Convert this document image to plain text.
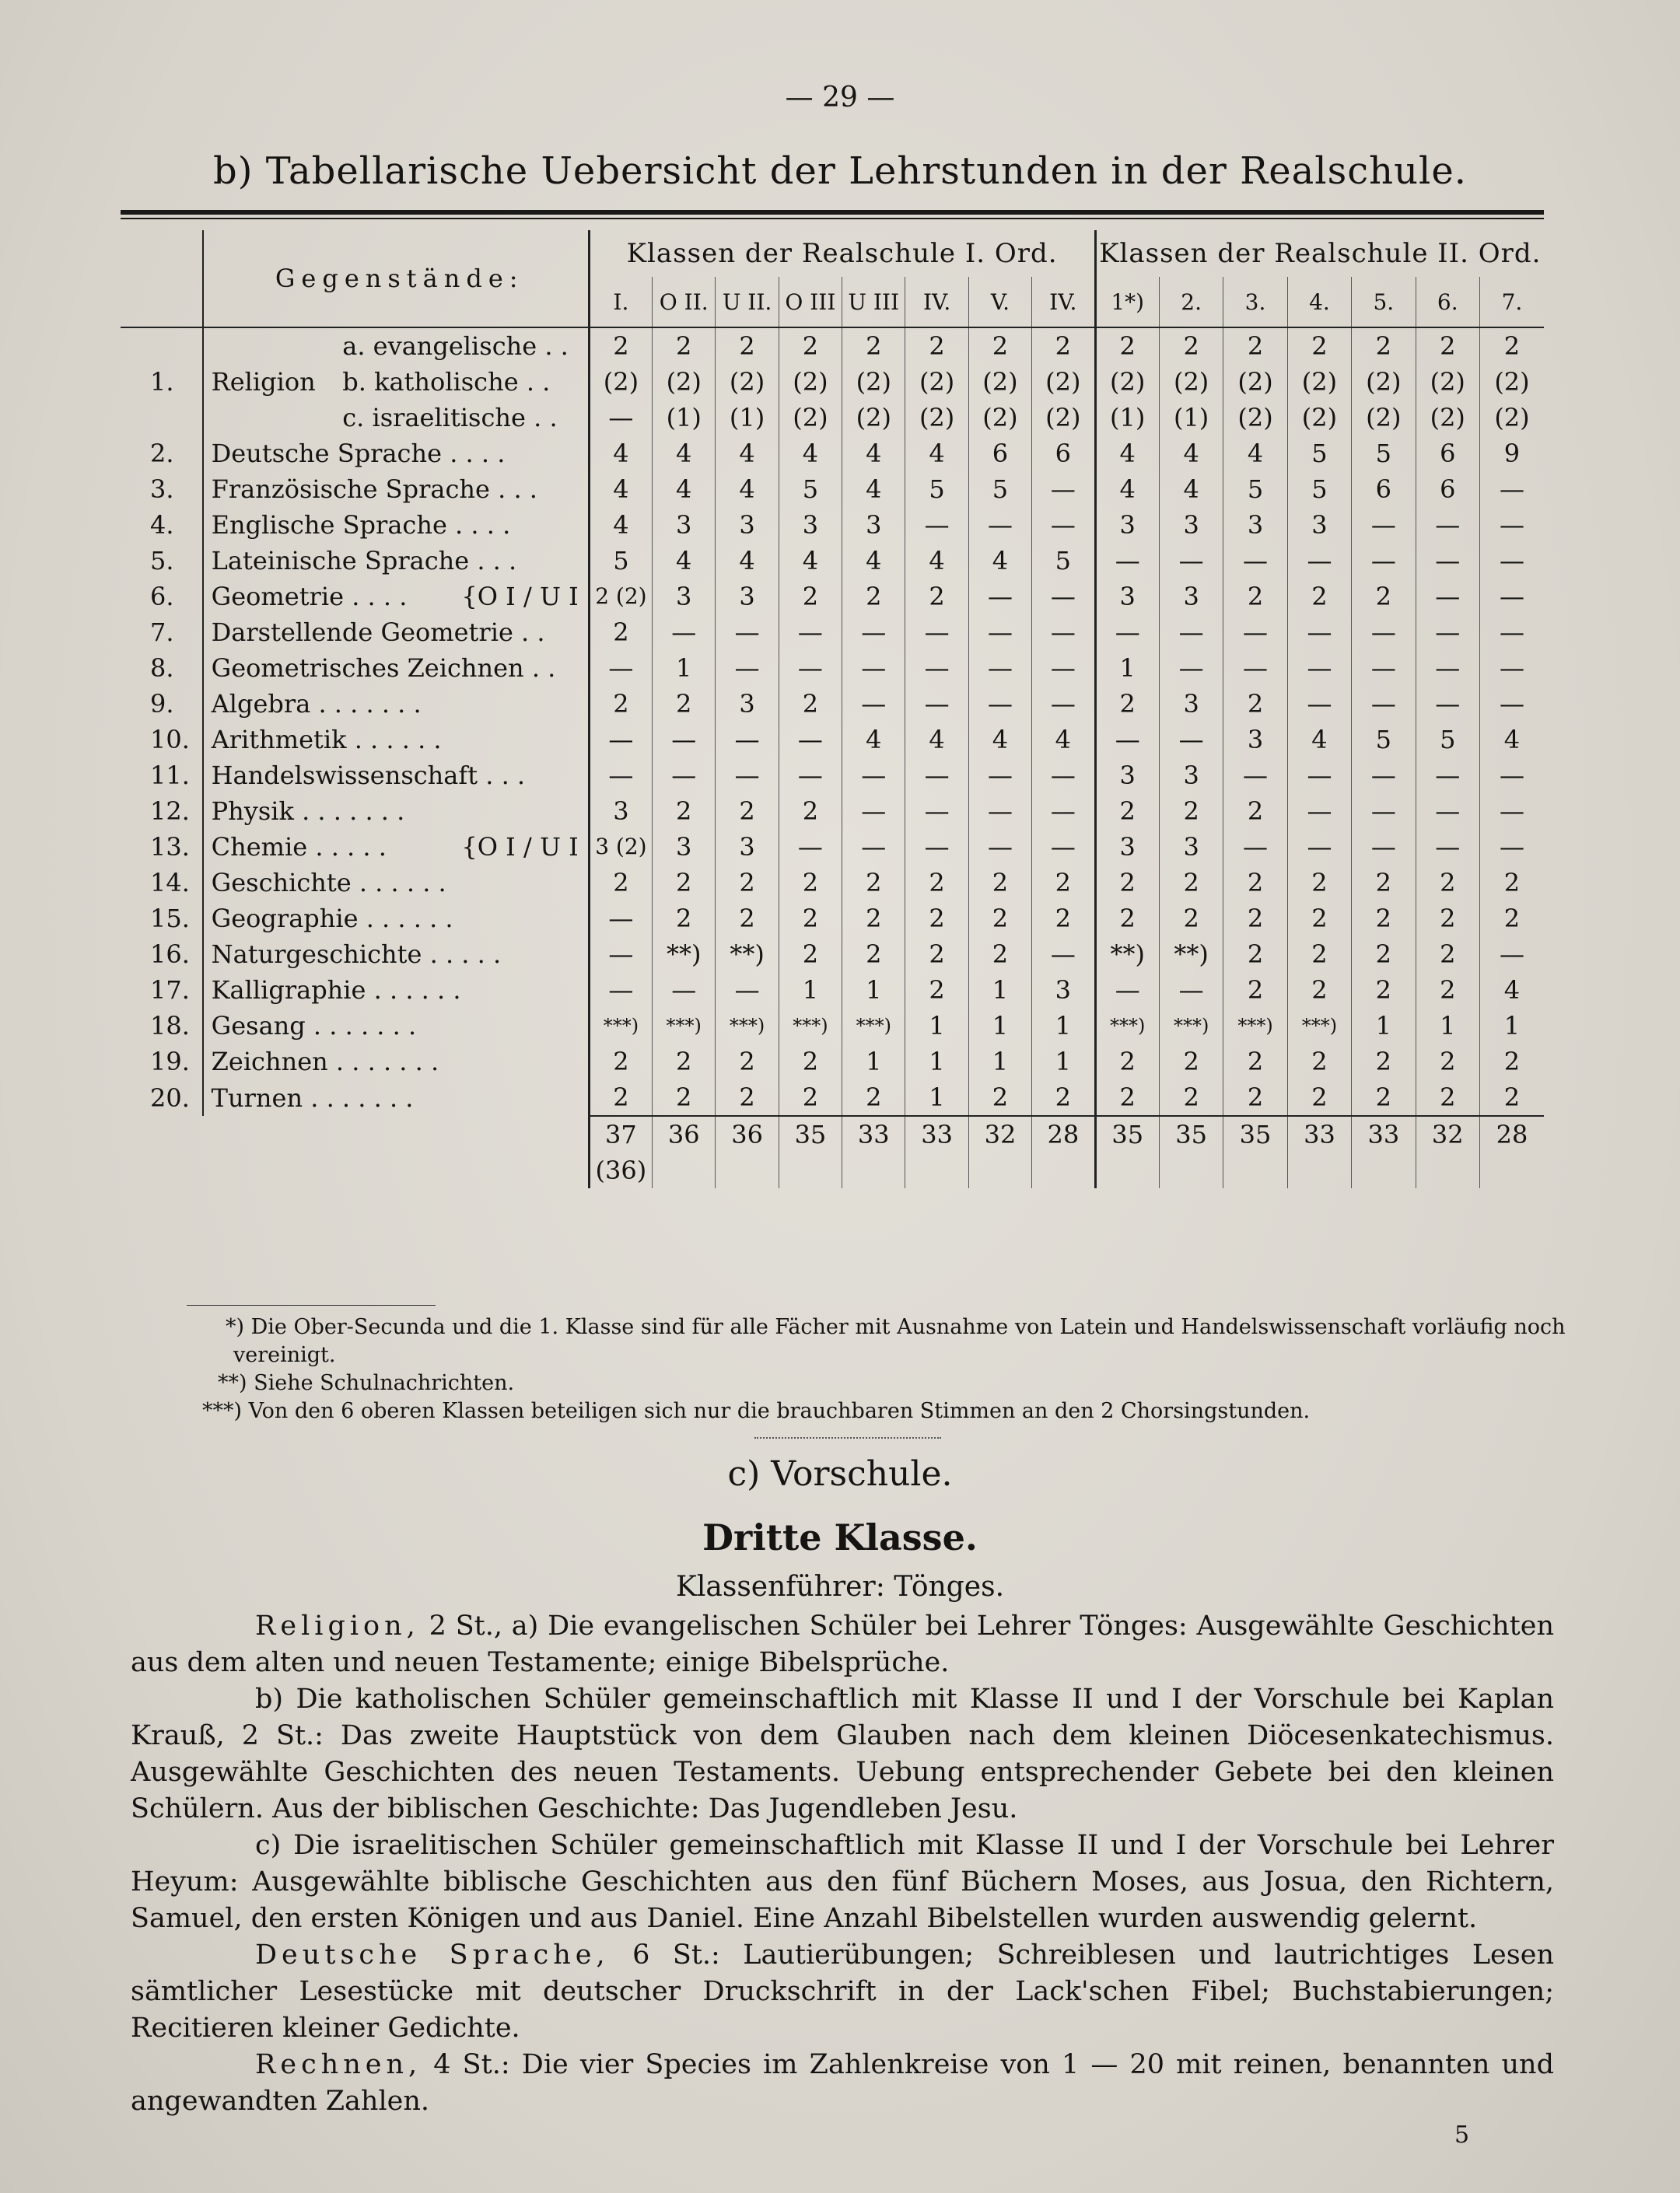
— 29 —
b) Tabellarische Uebersicht der Lehrstunden in der Realschule.
	Gegenstände:		Klassen der Realschule I. Ord.								Klassen der Realschule II. Ord.						
			I.	O II.	U II.	O III	U III	IV.	V.	IV.	1*)	2.	3.	4.	5.	6.	7.
		a. evangelische . .	2	2	2	2	2	2	2	2	2	2	2	2	2	2	2
1.	Religion	b. katholische . .	(2)	(2)	(2)	(2)	(2)	(2)	(2)	(2)	(2)	(2)	(2)	(2)	(2)	(2)	(2)
		c. israelitische . .	—	(1)	(1)	(2)	(2)	(2)	(2)	(2)	(1)	(1)	(2)	(2)	(2)	(2)	(2)
2.	Deutsche Sprache . . . .		4	4	4	4	4	4	6	6	4	4	4	5	5	6	9
3.	Französische Sprache . . .		4	4	4	5	4	5	5	—	4	4	5	5	6	6	—
4.	Englische Sprache . . . .		4	3	3	3	3	—	—	—	3	3	3	3	—	—	—
5.	Lateinische Sprache . . .		5	4	4	4	4	4	4	5	—	—	—	—	—	—	—
6.	Geometrie . . . .	{O I / U I	2 (2)	3	3	2	2	2	—	—	3	3	2	2	2	—	—
7.	Darstellende Geometrie . .		2	—	—	—	—	—	—	—	—	—	—	—	—	—	—
8.	Geometrisches Zeichnen . .		—	1	—	—	—	—	—	—	1	—	—	—	—	—	—
9.	Algebra . . . . . . .		2	2	3	2	—	—	—	—	2	3	2	—	—	—	—
10.	Arithmetik . . . . . .		—	—	—	—	4	4	4	4	—	—	3	4	5	5	4
11.	Handelswissenschaft . . .		—	—	—	—	—	—	—	—	3	3	—	—	—	—	—
12.	Physik . . . . . . .		3	2	2	2	—	—	—	—	2	2	2	—	—	—	—
13.	Chemie . . . . .	{O I / U I	3 (2)	3	3	—	—	—	—	—	3	3	—	—	—	—	—
14.	Geschichte . . . . . .		2	2	2	2	2	2	2	2	2	2	2	2	2	2	2
15.	Geographie . . . . . .		—	2	2	2	2	2	2	2	2	2	2	2	2	2	2
16.	Naturgeschichte . . . . .		—	**)	**)	2	2	2	2	—	**)	**)	2	2	2	2	—
17.	Kalligraphie . . . . . .		—	—	—	1	1	2	1	3	—	—	2	2	2	2	4
18.	Gesang . . . . . . .		***)	***)	***)	***)	***)	1	1	1	***)	***)	***)	***)	1	1	1
19.	Zeichnen . . . . . . .		2	2	2	2	1	1	1	1	2	2	2	2	2	2	2
20.	Turnen . . . . . . .		2	2	2	2	2	1	2	2	2	2	2	2	2	2	2
			37	36	36	35	33	33	32	28	35	35	35	33	33	32	28
			(36)														
*) Die Ober-Secunda und die 1. Klasse sind für alle Fächer mit Ausnahme von Latein und Handelswissenschaft vorläufig noch vereinigt.
**) Siehe Schulnachrichten.
***) Von den 6 oberen Klassen beteiligen sich nur die brauchbaren Stimmen an den 2 Chorsingstunden.
c) Vorschule.
Dritte Klasse.
Klassenführer: Tönges.

Religion, 2 St., a) Die evangelischen Schüler bei Lehrer Tönges: Ausgewählte Geschichten aus dem alten und neuen Testamente; einige Bibelsprüche.

b) Die katholischen Schüler gemeinschaftlich mit Klasse II und I der Vorschule bei Kaplan Krauß, 2 St.: Das zweite Hauptstück von dem Glauben nach dem kleinen Diöcesenkatechismus. Ausgewählte Geschichten des neuen Testaments. Uebung entsprechender Gebete bei den kleinen Schülern. Aus der biblischen Geschichte: Das Jugendleben Jesu.

c) Die israelitischen Schüler gemeinschaftlich mit Klasse II und I der Vorschule bei Lehrer Heyum: Ausgewählte biblische Geschichten aus den fünf Büchern Moses, aus Josua, den Richtern, Samuel, den ersten Königen und aus Daniel. Eine Anzahl Bibelstellen wurden auswendig gelernt.

Deutsche Sprache, 6 St.: Lautierübungen; Schreiblesen und lautrichtiges Lesen sämtlicher Lesestücke mit deutscher Druckschrift in der Lack'schen Fibel; Buchstabierungen; Recitieren kleiner Gedichte.

Rechnen, 4 St.: Die vier Species im Zahlenkreise von 1 — 20 mit reinen, benannten und angewandten Zahlen.

5
